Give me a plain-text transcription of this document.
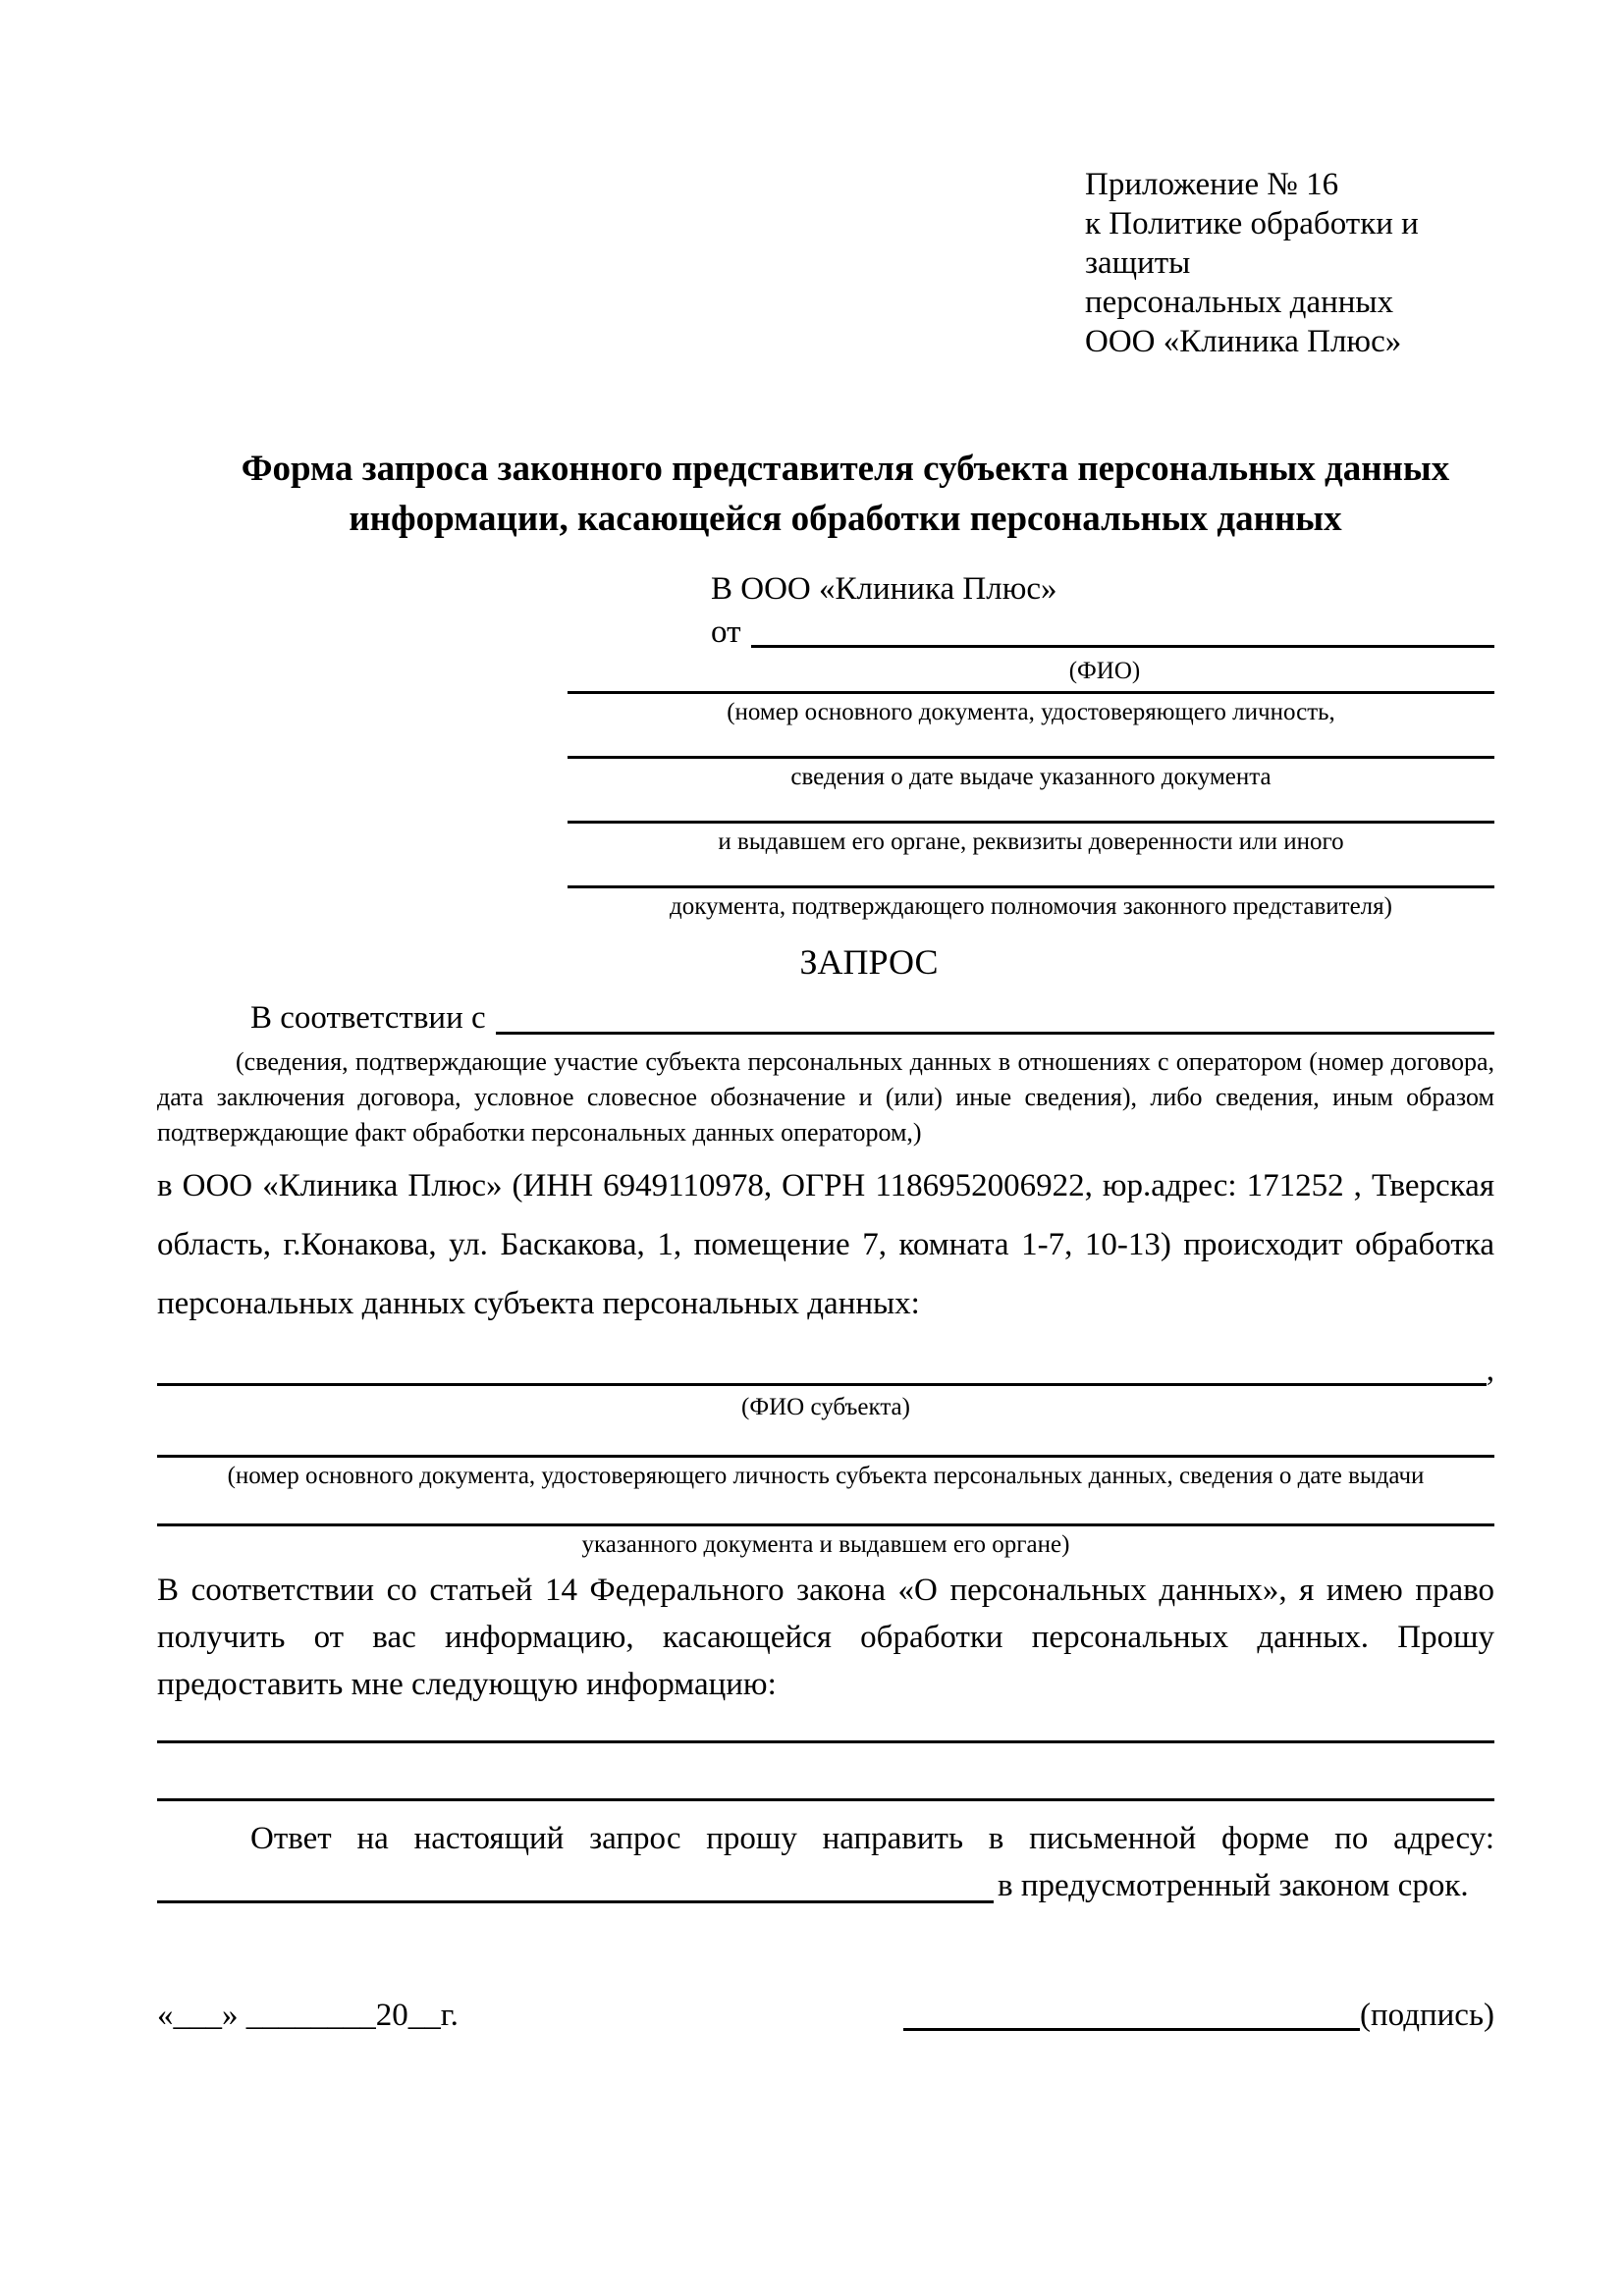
Приложение № 16
к Политике обработки и защиты
персональных данных
ООО «Клиника Плюс»
Форма запроса законного представителя субъекта персональных данных информации, касающейся обработки персональных данных
В ООО «Клиника Плюс»
от
(ФИО)
(номер основного документа, удостоверяющего личность,
сведения о дате выдаче указанного документа
и выдавшем его органе, реквизиты доверенности или иного
документа, подтверждающего полномочия законного представителя)
ЗАПРОС
В соответствии с

(сведения, подтверждающие участие субъекта персональных данных в отношениях с оператором (номер договора, дата заключения договора, условное словесное обозначение и (или) иные сведения), либо сведения, иным образом подтверждающие факт обработки персональных данных оператором,)

в ООО «Клиника Плюс» (ИНН 6949110978, ОГРН 1186952006922, юр.адрес: 171252 , Тверская область, г.Конакова, ул. Баскакова, 1, помещение 7, комната 1-7, 10-13) происходит обработка персональных данных субъекта персональных данных:

,
(ФИО субъекта)
(номер основного документа, удостоверяющего личность субъекта персональных данных, сведения о дате выдачи
указанного документа и выдавшем его органе)

В соответствии со статьей 14 Федерального закона «О персональных данных», я имею право получить от вас информацию, касающейся обработки персональных данных. Прошу предоставить мне следующую информацию:

Ответ на настоящий запрос прошу направить в письменной форме по адресу:

в предусмотренный законом срок.
«___» ________20__г.	(подпись)
